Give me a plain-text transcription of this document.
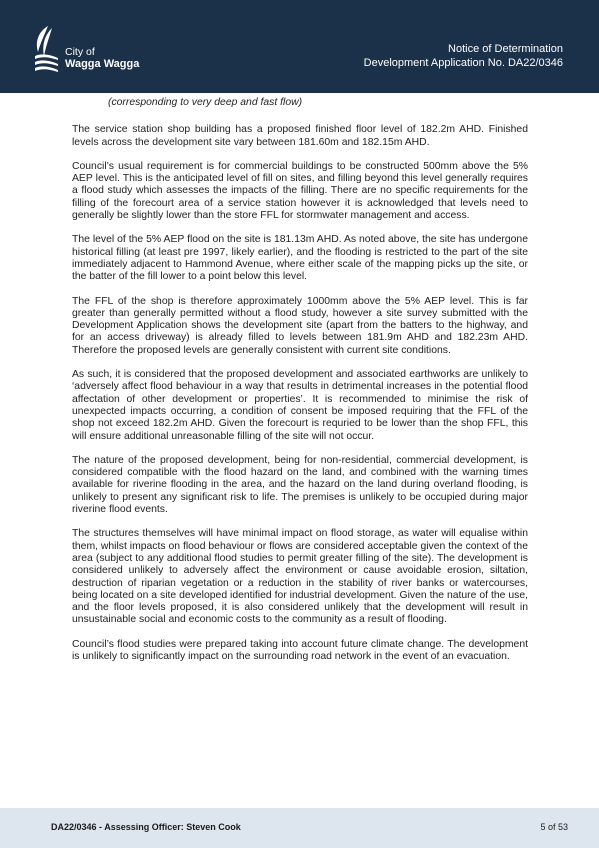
City of
Wagga Wagga
Notice of Determination
Development Application No. DA22/0346

(corresponding to very deep and fast flow)

The service station shop building has a proposed finished floor level of 182.2m AHD. Finished levels across the development site vary between 181.60m and 182.15m AHD.

Council’s usual requirement is for commercial buildings to be constructed 500mm above the 5% AEP level. This is the anticipated level of fill on sites, and filling beyond this level generally requires a flood study which assesses the impacts of the filling. There are no specific requirements for the filling of the forecourt area of a service station however it is acknowledged that levels need to generally be slightly lower than the store FFL for stormwater management and access.

The level of the 5% AEP flood on the site is 181.13m AHD. As noted above, the site has undergone historical filling (at least pre 1997, likely earlier), and the flooding is restricted to the part of the site immediately adjacent to Hammond Avenue, where either scale of the mapping picks up the site, or the batter of the fill lower to a point below this level.

The FFL of the shop is therefore approximately 1000mm above the 5% AEP level. This is far greater than generally permitted without a flood study, however a site survey submitted with the Development Application shows the development site (apart from the batters to the highway, and for an access driveway) is already filled to levels between 181.9m AHD and 182.23m AHD. Therefore the proposed levels are generally consistent with current site conditions.

As such, it is considered that the proposed development and associated earthworks are unlikely to ‘adversely affect flood behaviour in a way that results in detrimental increases in the potential flood affectation of other development or properties’. It is recommended to minimise the risk of unexpected impacts occurring, a condition of consent be imposed requiring that the FFL of the shop not exceed 182.2m AHD. Given the forecourt is requried to be lower than the shop FFL, this will ensure additional unreasonable filling of the site will not occur.

The nature of the proposed development, being for non-residential, commercial development, is considered compatible with the flood hazard on the land, and combined with the warning times available for riverine flooding in the area, and the hazard on the land during overland flooding, is unlikely to present any significant risk to life. The premises is unlikely to be occupied during major riverine flood events.

The structures themselves will have minimal impact on flood storage, as water will equalise within them, whilst impacts on flood behaviour or flows are considered acceptable given the context of the area (subject to any additional flood studies to permit greater filling of the site). The development is considered unlikely to adversely affect the environment or cause avoidable erosion, siltation, destruction of riparian vegetation or a reduction in the stability of river banks or watercourses, being located on a site developed identified for industrial development. Given the nature of the use, and the floor levels proposed, it is also considered unlikely that the development will result in unsustainable social and economic costs to the community as a result of flooding.

Council’s flood studies were prepared taking into account future climate change. The development is unlikely to significantly impact on the surrounding road network in the event of an evacuation.

DA22/0346 - Assessing Officer: Steven Cook	5 of 53
